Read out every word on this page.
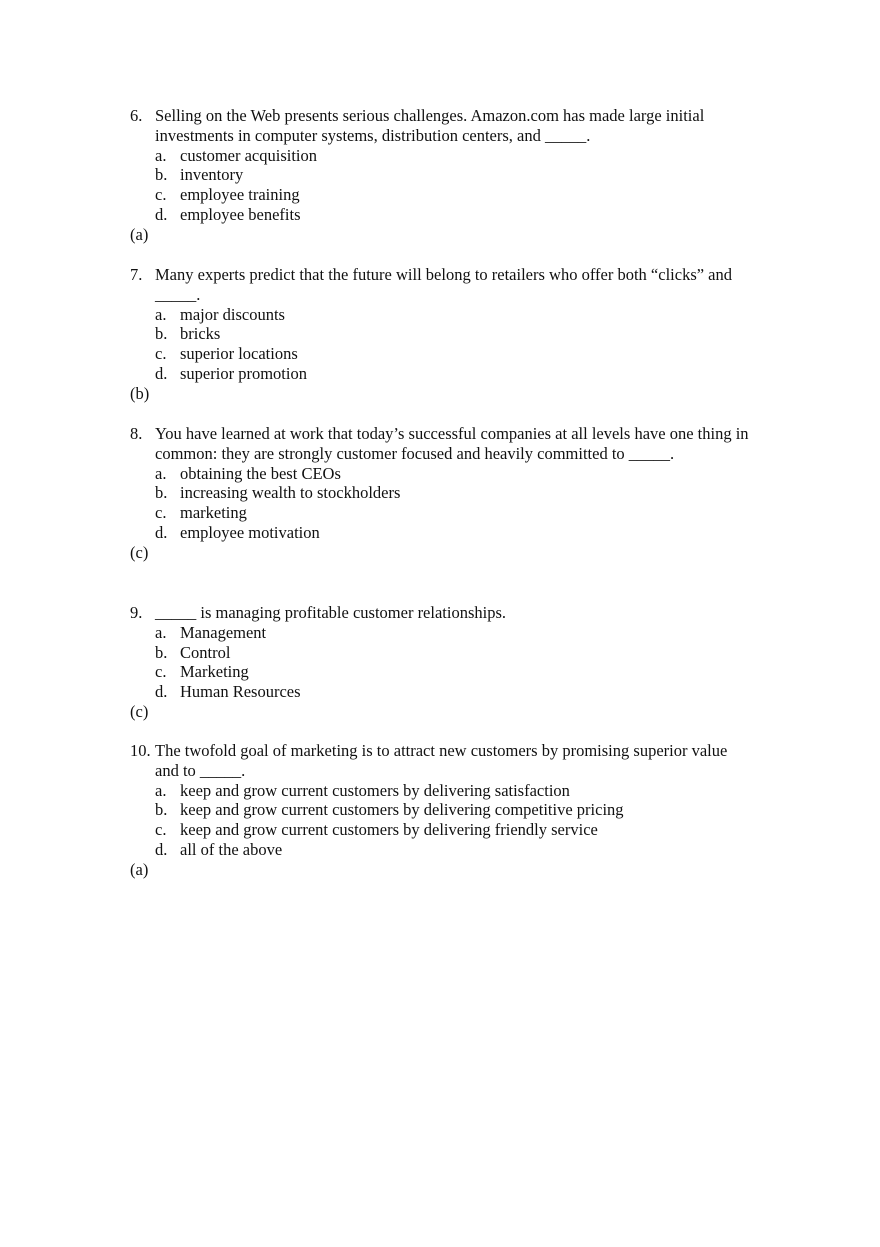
6. Selling on the Web presents serious challenges. Amazon.com has made large initial investments in computer systems, distribution centers, and _____.
a. customer acquisition
b. inventory
c. employee training
d. employee benefits
(a)
7. Many experts predict that the future will belong to retailers who offer both “clicks” and _____.
a. major discounts
b. bricks
c. superior locations
d. superior promotion
(b)
8. You have learned at work that today’s successful companies at all levels have one thing in common: they are strongly customer focused and heavily committed to _____.
a. obtaining the best CEOs
b. increasing wealth to stockholders
c. marketing
d. employee motivation
(c)
9. _____ is managing profitable customer relationships.
a. Management
b. Control
c. Marketing
d. Human Resources
(c)
10. The twofold goal of marketing is to attract new customers by promising superior value and to _____.
a. keep and grow current customers by delivering satisfaction
b. keep and grow current customers by delivering competitive pricing
c. keep and grow current customers by delivering friendly service
d. all of the above
(a)
